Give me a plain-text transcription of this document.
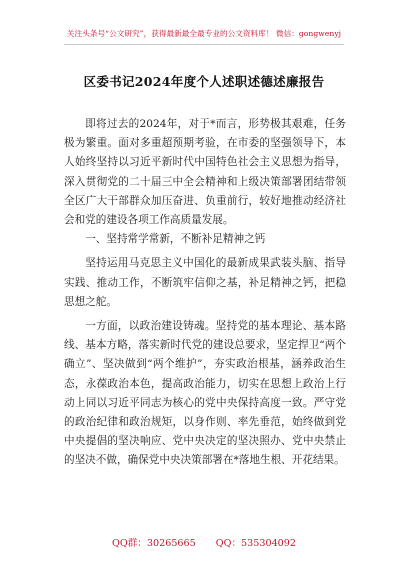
关注头条号“公文研究”，获得最新最全最专业的公文资料库！ 微信：gongwenyj
区委书记2024年度个人述职述德述廉报告

即将过去的2024年，对于*而言，形势极其艰难，任务极为繁重。面对多重超预期考验，在市委的坚强领导下，本人始终坚持以习近平新时代中国特色社会主义思想为指导，深入贯彻党的二十届三中全会精神和上级决策部署团结带领全区广大干部群众加压奋进、负重前行，较好地推动经济社会和党的建设各项工作高质量发展。

一、坚持常学常新，不断补足精神之钙

坚持运用马克思主义中国化的最新成果武装头脑、指导实践、推动工作，不断筑牢信仰之基，补足精神之钙，把稳思想之舵。

一方面，以政治建设铸魂。坚持党的基本理论、基本路线、基本方略，落实新时代党的建设总要求，坚定捍卫“两个确立”、坚决做到“两个维护”，夯实政治根基，涵养政治生态，永葆政治本色，提高政治能力，切实在思想上政治上行动上同以习近平同志为核心的党中央保持高度一致。严守党的政治纪律和政治规矩，以身作则、率先垂范，始终做到党中央提倡的坚决响应、党中央决定的坚决照办、党中央禁止的坚决不做，确保党中央决策部署在*落地生根、开花结果。

QQ群：30265665 QQ：535304092
